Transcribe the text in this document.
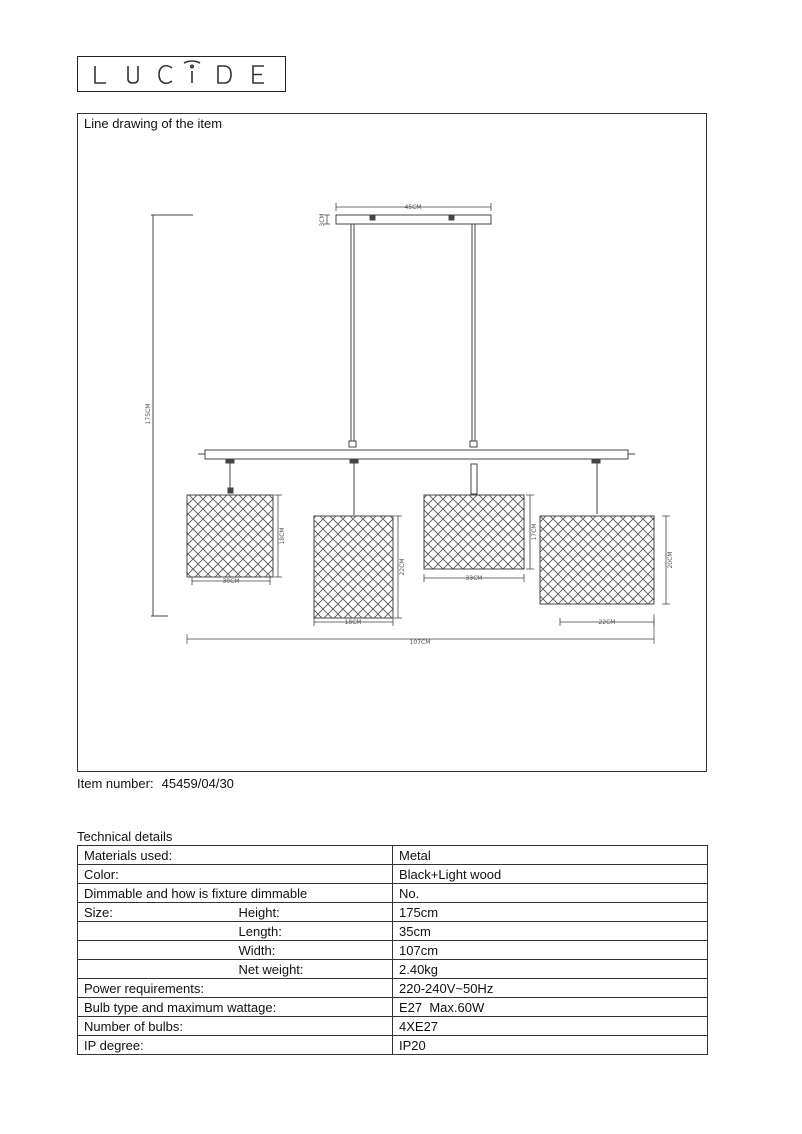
Line drawing of the item
45CM
3CM
175CM
30CM
18CM
18CM
22CM
33CM
17CM
22CM
20CM
107CM
Item number: 45459/04/30
Technical details
Materials used:		Metal
Color:		Black+Light wood
Dimmable and how is fixture dimmable		No.
Size:	Height:	175cm
	Length:	35cm
	Width:	107cm
	Net weight:	2.40kg
Power requirements:		220-240V~50Hz
Bulb type and maximum wattage:		E27  Max.60W
Number of bulbs:		4XE27
IP degree:		IP20
